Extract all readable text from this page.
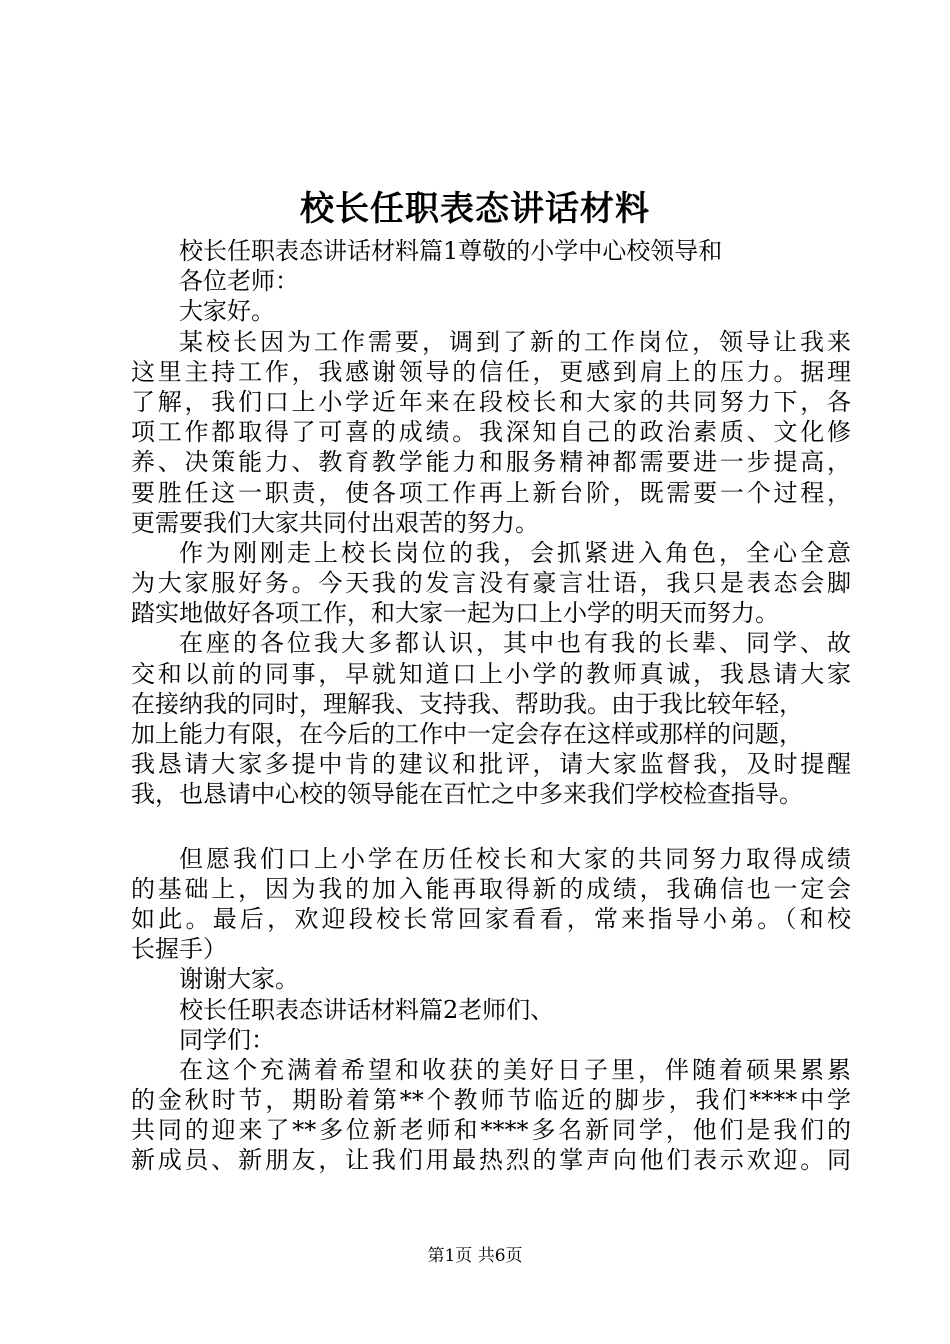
校长任职表态讲话材料
校长任职表态讲话材料篇1尊敬的小学中心校领导和
各位老师：
大家好。
某校长因为工作需要，调到了新的工作岗位，领导让我来
这里主持工作，我感谢领导的信任，更感到肩上的压力。据理
了解，我们口上小学近年来在段校长和大家的共同努力下，各
项工作都取得了可喜的成绩。我深知自己的政治素质、文化修
养、决策能力、教育教学能力和服务精神都需要进一步提高，
要胜任这一职责，使各项工作再上新台阶，既需要一个过程，
更需要我们大家共同付出艰苦的努力。
作为刚刚走上校长岗位的我，会抓紧进入角色，全心全意
为大家服好务。今天我的发言没有豪言壮语，我只是表态会脚
踏实地做好各项工作，和大家一起为口上小学的明天而努力。
在座的各位我大多都认识，其中也有我的长辈、同学、故
交和以前的同事，早就知道口上小学的教师真诚，我恳请大家
在接纳我的同时，理解我、支持我、帮助我。由于我比较年轻，
加上能力有限，在今后的工作中一定会存在这样或那样的问题，
我恳请大家多提中肯的建议和批评，请大家监督我，及时提醒
我，也恳请中心校的领导能在百忙之中多来我们学校检查指导。
但愿我们口上小学在历任校长和大家的共同努力取得成绩
的基础上，因为我的加入能再取得新的成绩，我确信也一定会
如此。最后，欢迎段校长常回家看看，常来指导小弟。（和校
长握手）
谢谢大家。
校长任职表态讲话材料篇2老师们、
同学们：
在这个充满着希望和收获的美好日子里，伴随着硕果累累
的金秋时节，期盼着第**个教师节临近的脚步，我们****中学
共同的迎来了**多位新老师和****多名新同学，他们是我们的
新成员、新朋友，让我们用最热烈的掌声向他们表示欢迎。同
第1页 共6页
